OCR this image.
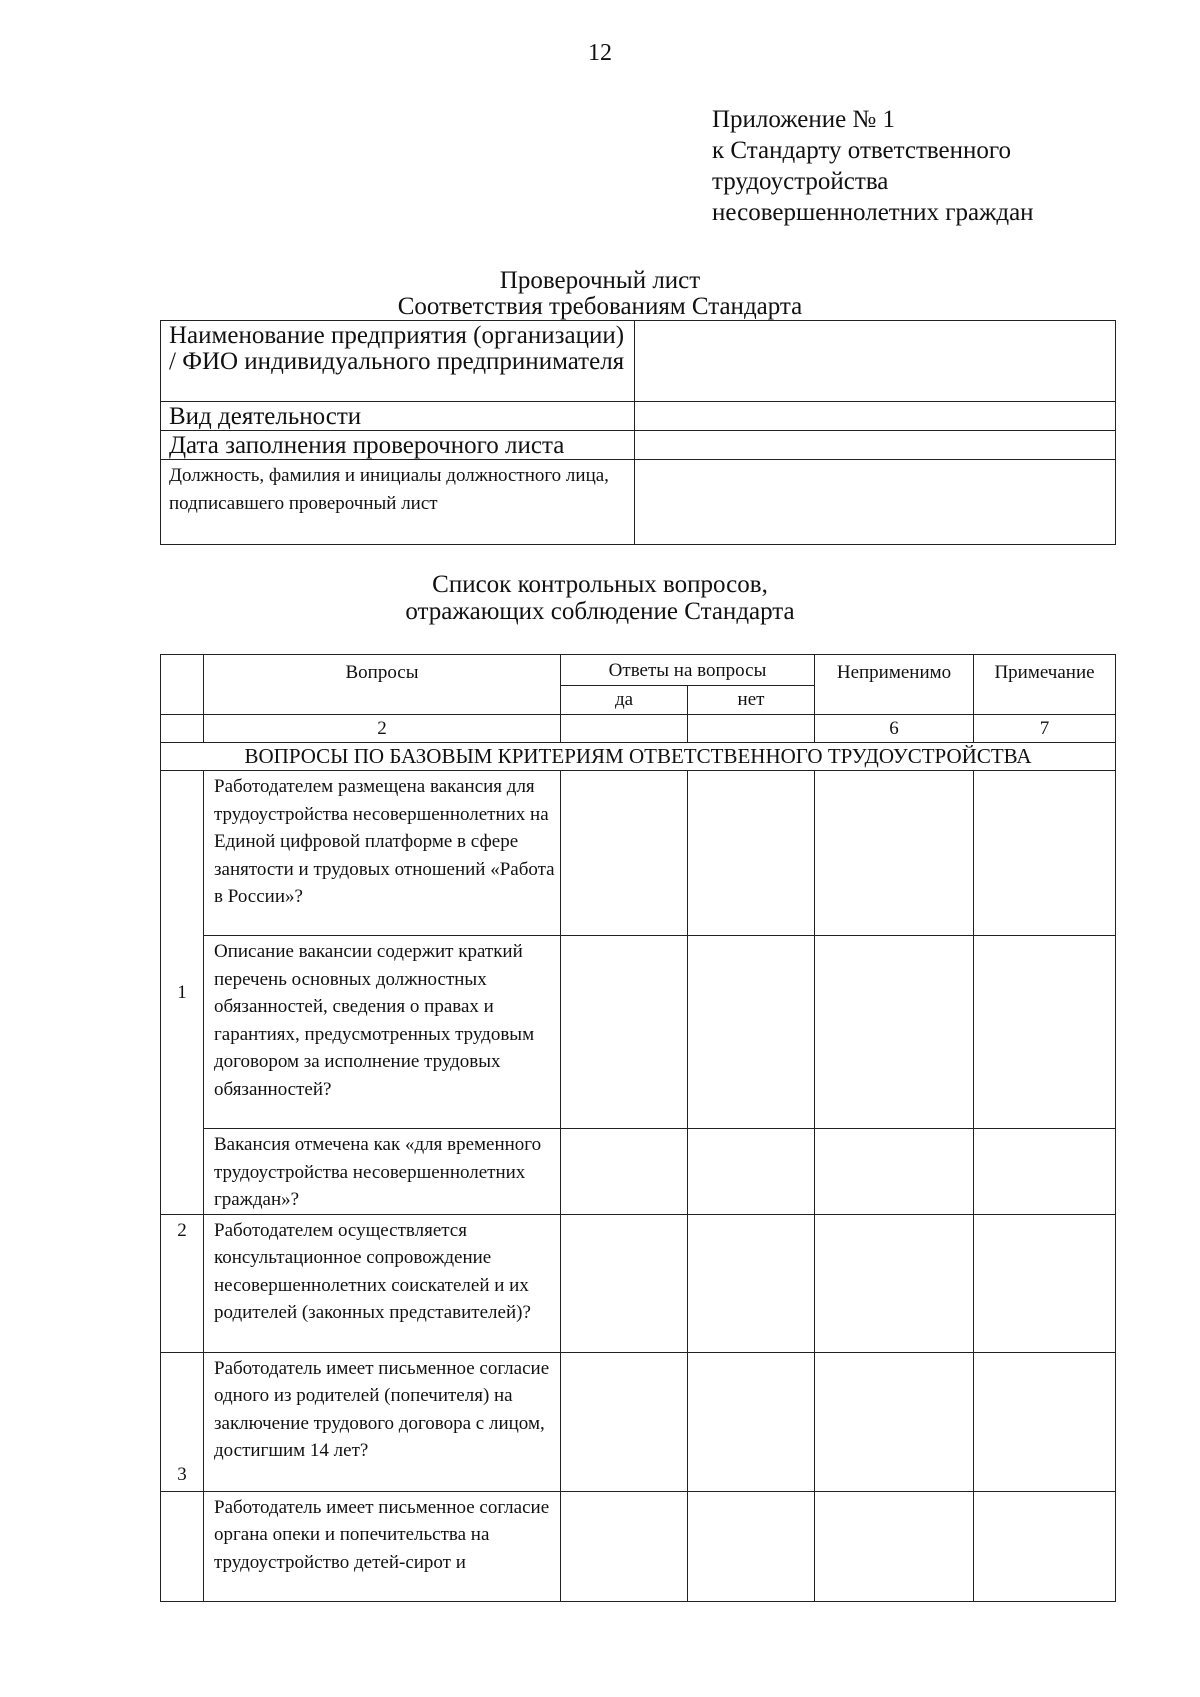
12
Приложение № 1
к Стандарту ответственного
трудоустройства
несовершеннолетних граждан
Проверочный лист
Соответствия требованиям Стандарта
Наименование предприятия (организации) / ФИО индивидуального предпринимателя	
Вид деятельности	
Дата заполнения проверочного листа	
Должность, фамилия и инициалы должностного лица, подписавшего проверочный лист	
Список контрольных вопросов,
отражающих соблюдение Стандарта
	Вопросы	Ответы на вопросы		Неприменимо	Примечание
		да	нет		
	2			6	7
ВОПРОСЫ ПО БАЗОВЫМ КРИТЕРИЯМ ОТВЕТСТВЕННОГО ТРУДОУСТРОЙСТВА					
1	Работодателем размещена вакансия для трудоустройства несовершеннолетних на Единой цифровой платформе в сфере занятости и трудовых отношений «Работа в России»?				
	Описание вакансии содержит краткий перечень основных должностных обязанностей, сведения о правах и гарантиях, предусмотренных трудовым договором за исполнение трудовых обязанностей?				
	Вакансия отмечена как «для временного трудоустройства несовершеннолетних граждан»?				
2	Работодателем осуществляется консультационное сопровождение несовершеннолетних соискателей и их родителей (законных представителей)?				
3	Работодатель имеет письменное согласие одного из родителей (попечителя) на заключение трудового договора с лицом, достигшим 14 лет?				
	Работодатель имеет письменное согласие органа опеки и попечительства на трудоустройство детей-сирот и				
